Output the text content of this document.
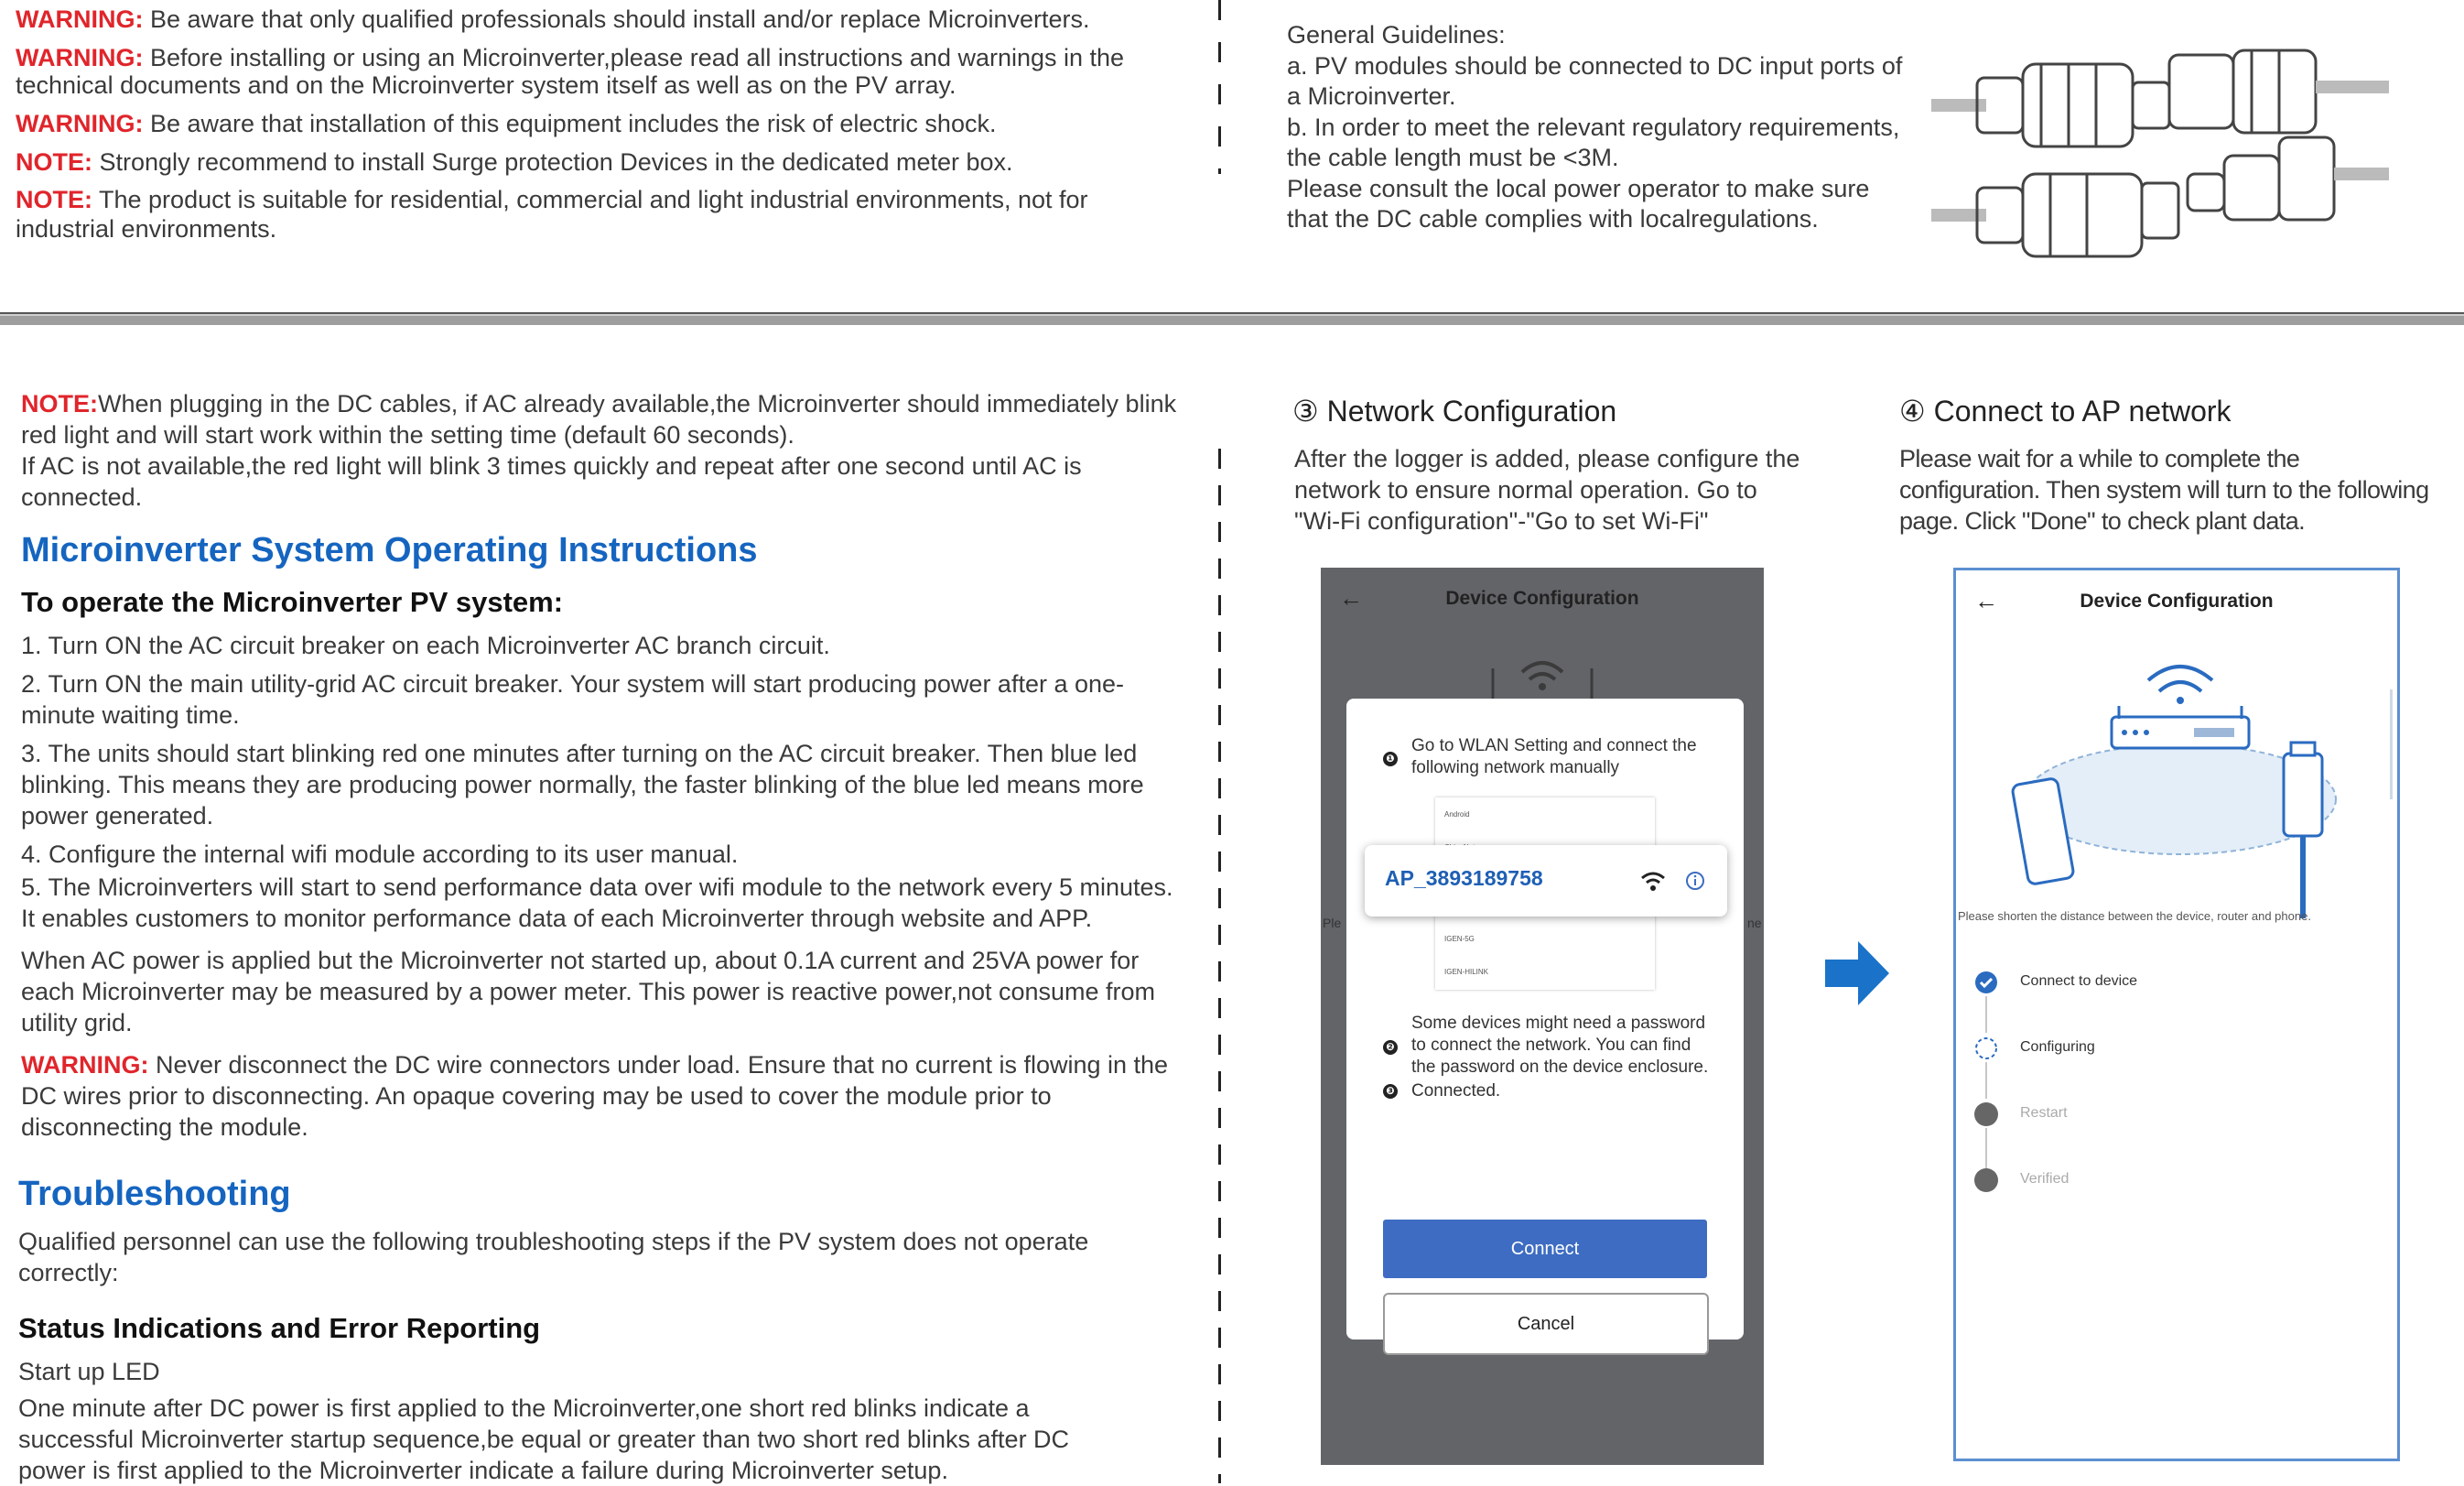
WARNING: Be aware that only qualified professionals should install and/or replace Microinverters.
WARNING: Before installing or using an Microinverter,please read all instructions and warnings in the technical documents and on the Microinverter system itself as well as on the PV array.
WARNING: Be aware that installation of this equipment includes the risk of electric shock.
NOTE: Strongly recommend to install Surge protection Devices in the dedicated meter box.
NOTE: The product is suitable for residential, commercial and light industrial environments, not for industrial environments.
General Guidelines:
a. PV modules should be connected to DC input ports of a Microinverter.
b. In order to meet the relevant regulatory requirements, the cable length must be <3M.
Please consult the local power operator to make sure that the DC cable complies with localregulations.
NOTE:When plugging in the DC cables, if AC already available,the Microinverter should immediately blink red light and will start work within the setting time (default 60 seconds).
If AC is not available,the red light will blink 3 times quickly and repeat after one second until AC is connected.
Microinverter System Operating Instructions
To operate the Microinverter PV system:
1. Turn ON the AC circuit breaker on each Microinverter AC branch circuit.
2. Turn ON the main utility-grid AC circuit breaker. Your system will start producing power after a one-minute waiting time.
3. The units should start blinking red one minutes after turning on the AC circuit breaker. Then blue led blinking. This means they are producing power normally, the faster blinking of the blue led means more power generated.
4. Configure the internal wifi module according to its user manual.
5. The Microinverters will start to send performance data over wifi module to the network every 5 minutes. It enables customers to monitor performance data of each Microinverter through website and APP.
When AC power is applied but the Microinverter not started up, about 0.1A current and 25VA power for each Microinverter may be measured by a power meter. This power is reactive power,not consume from utility grid.
WARNING: Never disconnect the DC wire connectors under load. Ensure that no current is flowing in the DC wires prior to disconnecting. An opaque covering may be used to cover the module prior to disconnecting the module.
Troubleshooting
Qualified personnel can use the following troubleshooting steps if the PV system does not operate correctly:
Status Indications and Error Reporting
Start up LED
One minute after DC power is first applied to the Microinverter,one short red blinks indicate a successful Microinverter startup sequence,be equal or greater than two short red blinks after DC power is first applied to the Microinverter indicate a failure during Microinverter setup.
③ Network Configuration
After the logger is added, please configure the network to ensure normal operation. Go to "Wi-Fi configuration"-"Go to set Wi-Fi"
←	Device Configuration
Ple	ne
❶
Go to WLAN Setting and connect the following network manually
Android
IGEN-5G
IGEN-HILINK
AP_3893189758
❷
Some devices might need a password to connect the network. You can find the password on the device enclosure.
❸ Connected.
Connect
Cancel
④ Connect to AP network
Please wait for a while to complete the configuration. Then system will turn to the following page. Click "Done" to check plant data.
←	Device Configuration
Please shorten the distance between the device, router and phone.
Connect to device
Configuring
Restart
Verified
